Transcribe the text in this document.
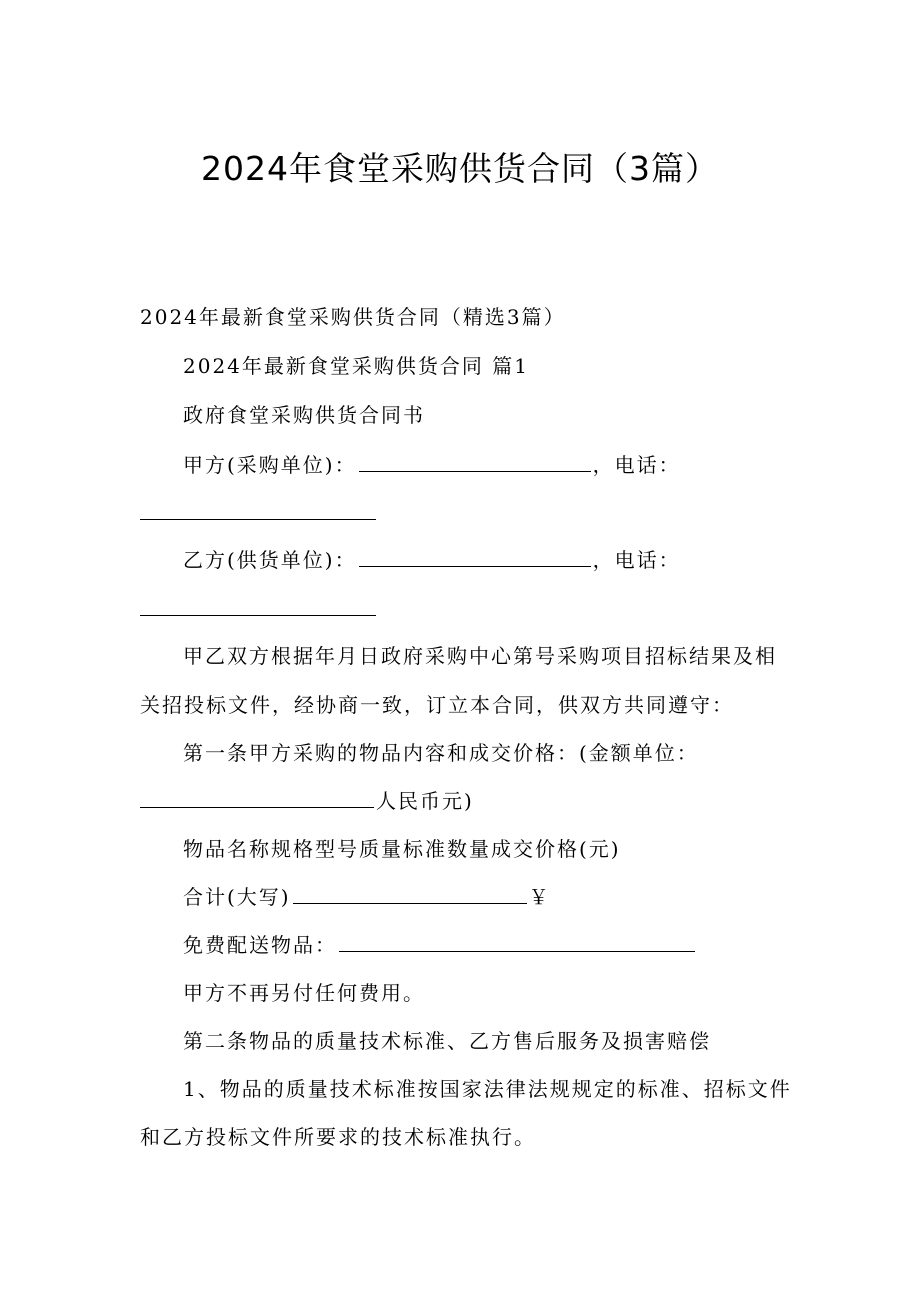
2024年食堂采购供货合同（3篇）
2024年最新食堂采购供货合同（精选3篇）
2024年最新食堂采购供货合同 篇1
政府食堂采购供货合同书
甲方(采购单位)：	，电话：
乙方(供货单位)：	，电话：
甲乙双方根据年月日政府采购中心第号采购项目招标结果及相
关招投标文件，经协商一致，订立本合同，供双方共同遵守：
第一条甲方采购的物品内容和成交价格：(金额单位：
人民币元)
物品名称规格型号质量标准数量成交价格(元)
合计(大写)	￥
免费配送物品：
甲方不再另付任何费用。
第二条物品的质量技术标准、乙方售后服务及损害赔偿
1、物品的质量技术标准按国家法律法规规定的标准、招标文件
和乙方投标文件所要求的技术标准执行。
